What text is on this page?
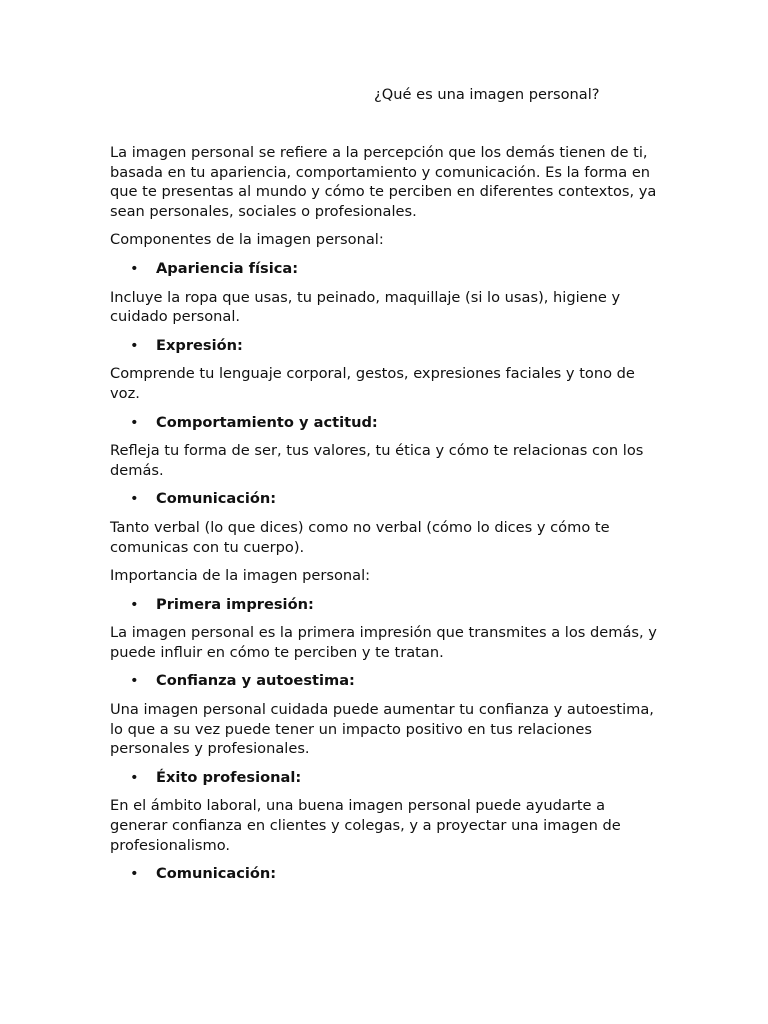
¿Qué es una imagen personal?

La imagen personal se refiere a la percepción que los demás tienen de ti, basada en tu apariencia, comportamiento y comunicación. Es la forma en que te presentas al mundo y cómo te perciben en diferentes contextos, ya sean personales, sociales o profesionales.

Componentes de la imagen personal:

• Apariencia física:

Incluye la ropa que usas, tu peinado, maquillaje (si lo usas), higiene y cuidado personal.

• Expresión:

Comprende tu lenguaje corporal, gestos, expresiones faciales y tono de voz.

• Comportamiento y actitud:

Refleja tu forma de ser, tus valores, tu ética y cómo te relacionas con los demás.

• Comunicación:

Tanto verbal (lo que dices) como no verbal (cómo lo dices y cómo te comunicas con tu cuerpo).

Importancia de la imagen personal:

• Primera impresión:

La imagen personal es la primera impresión que transmites a los demás, y puede influir en cómo te perciben y te tratan.

• Confianza y autoestima:

Una imagen personal cuidada puede aumentar tu confianza y autoestima, lo que a su vez puede tener un impacto positivo en tus relaciones personales y profesionales.

• Éxito profesional:

En el ámbito laboral, una buena imagen personal puede ayudarte a generar confianza en clientes y colegas, y a proyectar una imagen de profesionalismo.

• Comunicación:
